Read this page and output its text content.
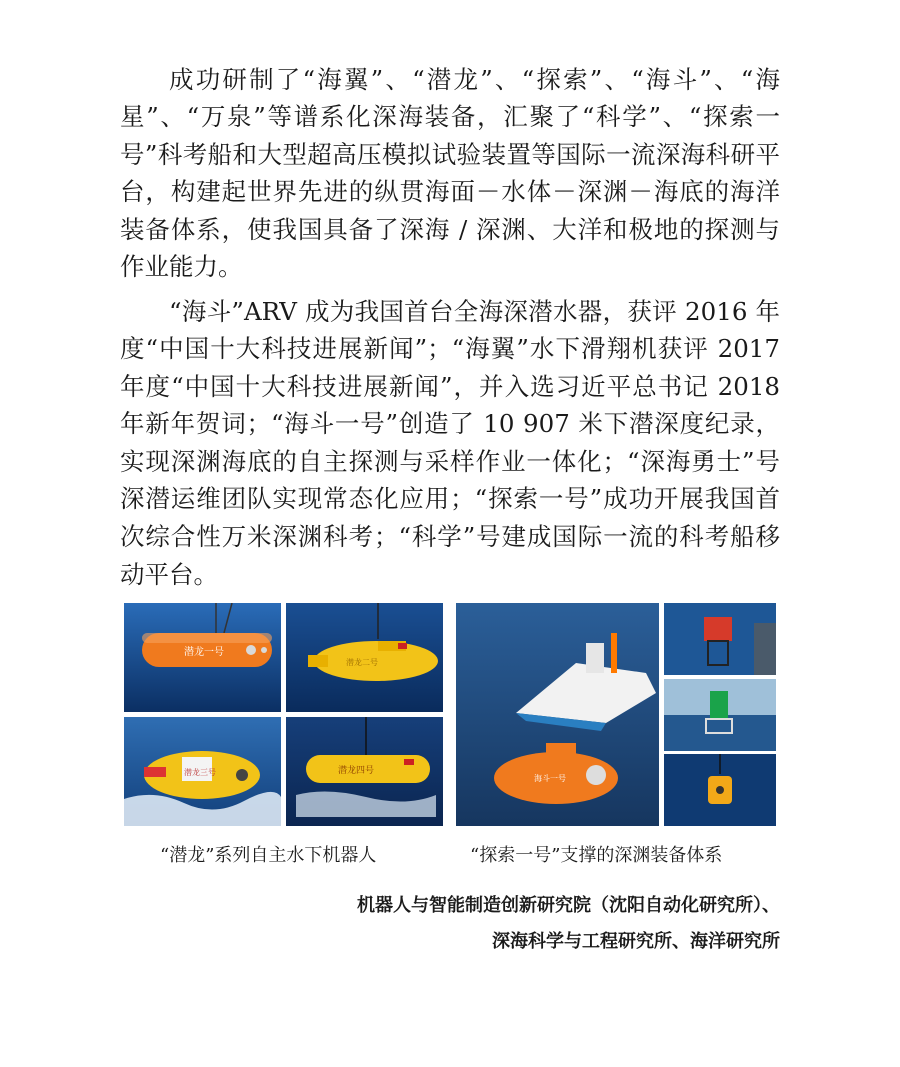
成功研制了“海翼”、“潜龙”、“探索”、“海斗”、“海星”、“万泉”等谱系化深海装备，汇聚了“科学”、“探索一号”科考船和大型超高压模拟试验装置等国际一流深海科研平台，构建起世界先进的纵贯海面－水体－深渊－海底的海洋装备体系，使我国具备了深海 / 深渊、大洋和极地的探测与作业能力。

“海斗”ARV 成为我国首台全海深潜水器，获评 2016 年度“中国十大科技进展新闻”；“海翼”水下滑翔机获评 2017 年度“中国十大科技进展新闻”，并入选习近平总书记 2018 年新年贺词；“海斗一号”创造了 10 907 米下潜深度纪录，实现深渊海底的自主探测与采样作业一体化；“深海勇士”号深潜运维团队实现常态化应用；“探索一号”成功开展我国首次综合性万米深渊科考；“科学”号建成国际一流的科考船移动平台。

潜龙一号
潜龙二号
潜龙三号	潜龙四号
海斗一号
“潜龙”系列自主水下机器人	“探索一号”支撑的深渊装备体系
机器人与智能制造创新研究院（沈阳自动化研究所）、
深海科学与工程研究所、海洋研究所
